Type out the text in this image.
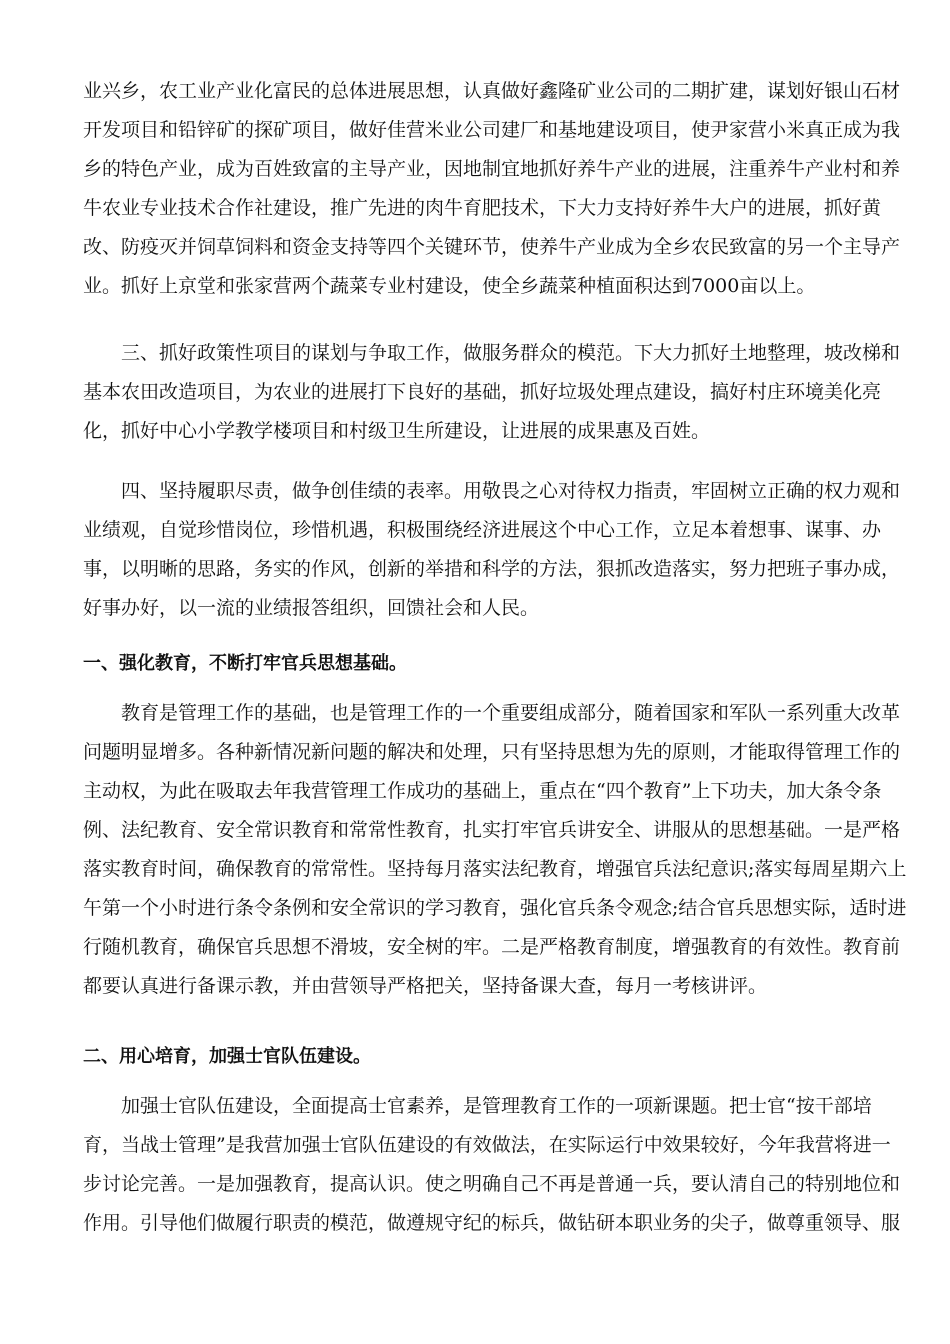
业兴乡，农工业产业化富民的总体进展思想，认真做好鑫隆矿业公司的二期扩建，谋划好银山石材
开发项目和铅锌矿的探矿项目，做好佳营米业公司建厂和基地建设项目，使尹家营小米真正成为我
乡的特色产业，成为百姓致富的主导产业，因地制宜地抓好养牛产业的进展，注重养牛产业村和养
牛农业专业技术合作社建设，推广先进的肉牛育肥技术，下大力支持好养牛大户的进展，抓好黄
改、防疫灭并饲草饲料和资金支持等四个关键环节，使养牛产业成为全乡农民致富的另一个主导产
业。抓好上京堂和张家营两个蔬菜专业村建设，使全乡蔬菜种植面积达到7000亩以上。

　　三、抓好政策性项目的谋划与争取工作，做服务群众的模范。下大力抓好土地整理，坡改梯和
基本农田改造项目，为农业的进展打下良好的基础，抓好垃圾处理点建设，搞好村庄环境美化亮
化，抓好中心小学教学楼项目和村级卫生所建设，让进展的成果惠及百姓。

　　四、坚持履职尽责，做争创佳绩的表率。用敬畏之心对待权力指责，牢固树立正确的权力观和
业绩观，自觉珍惜岗位，珍惜机遇，积极围绕经济进展这个中心工作，立足本着想事、谋事、办
事，以明晰的思路，务实的作风，创新的举措和科学的方法，狠抓改造落实，努力把班子事办成，
好事办好，以一流的业绩报答组织，回馈社会和人民。

一、强化教育，不断打牢官兵思想基础。

　　教育是管理工作的基础，也是管理工作的一个重要组成部分，随着国家和军队一系列重大改革
问题明显增多。各种新情况新问题的解决和处理，只有坚持思想为先的原则，才能取得管理工作的
主动权，为此在吸取去年我营管理工作成功的基础上，重点在“四个教育”上下功夫，加大条令条
例、法纪教育、安全常识教育和常常性教育，扎实打牢官兵讲安全、讲服从的思想基础。一是严格
落实教育时间，确保教育的常常性。坚持每月落实法纪教育，增强官兵法纪意识;落实每周星期六上
午第一个小时进行条令条例和安全常识的学习教育，强化官兵条令观念;结合官兵思想实际，适时进
行随机教育，确保官兵思想不滑坡，安全树的牢。二是严格教育制度，增强教育的有效性。教育前
都要认真进行备课示教，并由营领导严格把关，坚持备课大查，每月一考核讲评。

二、用心培育，加强士官队伍建设。

　　加强士官队伍建设，全面提高士官素养，是管理教育工作的一项新课题。把士官“按干部培
育，当战士管理”是我营加强士官队伍建设的有效做法，在实际运行中效果较好，今年我营将进一
步讨论完善。一是加强教育，提高认识。使之明确自己不再是普通一兵，要认清自己的特别地位和
作用。引导他们做履行职责的模范，做遵规守纪的标兵，做钻研本职业务的尖子，做尊重领导、服
